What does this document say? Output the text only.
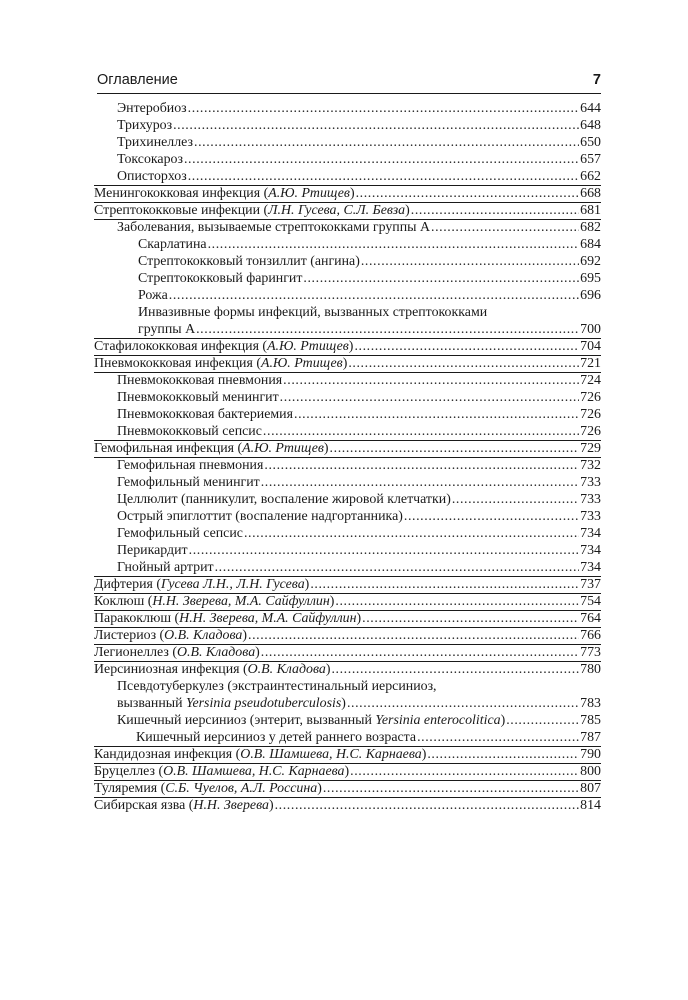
Оглавление	7
Энтеробиоз .....	644
Трихуроз .....	648
Трихинеллез .....	650
Токсокароз .....	657
Описторхоз .....	662
Менингококковая инфекция (А.Ю. Ртищев) .....	668
Стрептококковые инфекции (Л.Н. Гусева, С.Л. Бевза) .....	681
Заболевания, вызываемые стрептококками группы А .....	682
Скарлатина .....	684
Стрептококковый тонзиллит (ангина) .....	692
Стрептококковый фарингит .....	695
Рожа .....	696
Инвазивные формы инфекций, вызванных стрептококками
группы А .....	700
Стафилококковая инфекция (А.Ю. Ртищев) .....	704
Пневмококковая инфекция (А.Ю. Ртищев) .....	721
Пневмококковая пневмония .....	724
Пневмококковый менингит .....	726
Пневмококковая бактериемия .....	726
Пневмококковый сепсис .....	726
Гемофильная инфекция (А.Ю. Ртищев) .....	729
Гемофильная пневмония .....	732
Гемофильный менингит .....	733
Целлюлит (панникулит, воспаление жировой клетчатки) .....	733
Острый эпиглоттит (воспаление надгортанника) .....	733
Гемофильный сепсис .....	734
Перикардит .....	734
Гнойный артрит .....	734
Дифтерия (Гусева Л.Н., Л.Н. Гусева) .....	737
Коклюш (Н.Н. Зверева, М.А. Сайфуллин) .....	754
Паракоклюш (Н.Н. Зверева, М.А. Сайфуллин) .....	764
Листериоз (О.В. Кладова) .....	766
Легионеллез (О.В. Кладова) .....	773
Иерсиниозная инфекция (О.В. Кладова) .....	780
Псевдотуберкулез (экстраинтестинальный иерсиниоз,
вызванный Yersinia pseudotuberculosis) .....	783
Кишечный иерсиниоз (энтерит, вызванный Yersinia enterocolitica) .....	785
Кишечный иерсиниоз у детей раннего возраста .....	787
Кандидозная инфекция (О.В. Шамшева, Н.С. Карнаева) .....	790
Бруцеллез (О.В. Шамшева, Н.С. Карнаева) .....	800
Туляремия (С.Б. Чуелов, А.Л. Россина) .....	807
Сибирская язва (Н.Н. Зверева) .....	814
